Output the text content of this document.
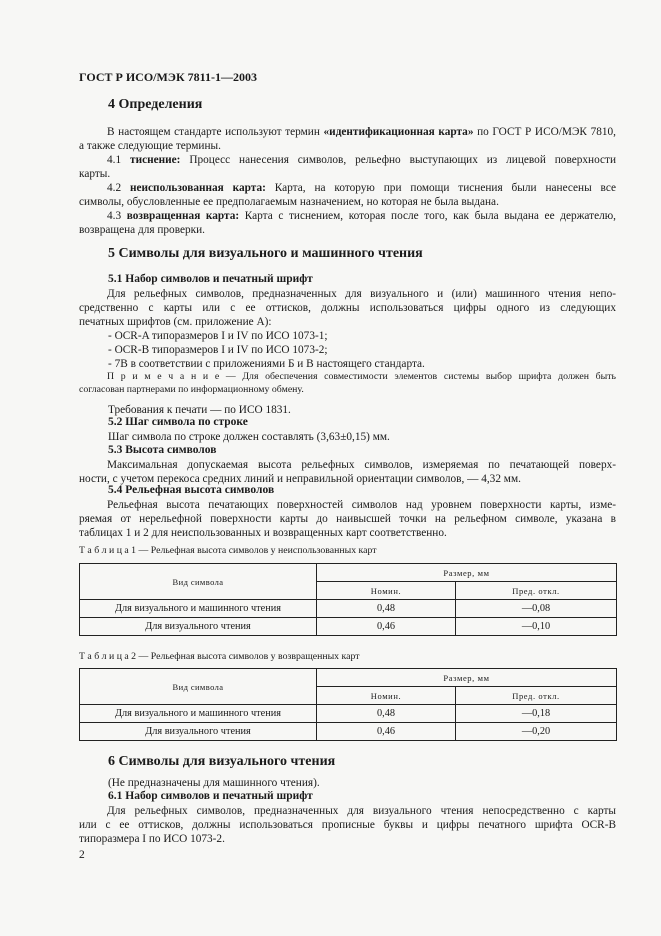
ГОСТ Р ИСО/МЭК 7811-1—2003
4 Определения
В настоящем стандарте используют термин «идентификационная карта» по ГОСТ Р ИСО/МЭК 7810,
а также следующие термины.
4.1 тиснение: Процесс нанесения символов, рельефно выступающих из лицевой поверхности
карты.
4.2 неиспользованная карта: Карта, на которую при помощи тиснения были нанесены все
символы, обусловленные ее предполагаемым назначением, но которая не была выдана.
4.3 возвращенная карта: Карта с тиснением, которая после того, как была выдана ее держателю,
возвращена для проверки.
5 Символы для визуального и машинного чтения
5.1 Набор символов и печатный шрифт
Для рельефных символов, предназначенных для визуального и (или) машинного чтения непо-
средственно с карты или с ее оттисков, должны использоваться цифры одного из следующих
печатных шрифтов (см. приложение А):
- OCR-A типоразмеров I и IV по ИСО 1073-1;
- OCR-B типоразмеров I и IV по ИСО 1073-2;
- 7B в соответствии с приложениями Б и В настоящего стандарта.
П р и м е ч а н и е — Для обеспечения совместимости элементов системы выбор шрифта должен быть
согласован партнерами по информационному обмену.
Требования к печати — по ИСО 1831.
5.2 Шаг символа по строке
Шаг символа по строке должен составлять (3,63±0,15) мм.
5.3 Высота символов
Максимальная допускаемая высота рельефных символов, измеряемая по печатающей поверх-
ности, с учетом перекоса средних линий и неправильной ориентации символов, — 4,32 мм.
5.4 Рельефная высота символов
Рельефная высота печатающих поверхностей символов над уровнем поверхности карты, изме-
ряемая от нерельефной поверхности карты до наивысшей точки на рельефном символе, указана в
таблицах 1 и 2 для неиспользованных и возвращенных карт соответственно.
Т а б л и ц а 1 — Рельефная высота символов у неиспользованных карт
Вид символа	Размер, мм	
	Номин.	Пред. откл.
Для визуального и машинного чтения	0,48	—0,08
Для визуального чтения	0,46	—0,10
Т а б л и ц а 2 — Рельефная высота символов у возвращенных карт
Вид символа	Размер, мм	
	Номин.	Пред. откл.
Для визуального и машинного чтения	0,48	—0,18
Для визуального чтения	0,46	—0,20
6 Символы для визуального чтения
(Не предназначены для машинного чтения).
6.1 Набор символов и печатный шрифт
Для рельефных символов, предназначенных для визуального чтения непосредственно с карты
или с ее оттисков, должны использоваться прописные буквы и цифры печатного шрифта OCR-B
типоразмера I по ИСО 1073-2.
2
